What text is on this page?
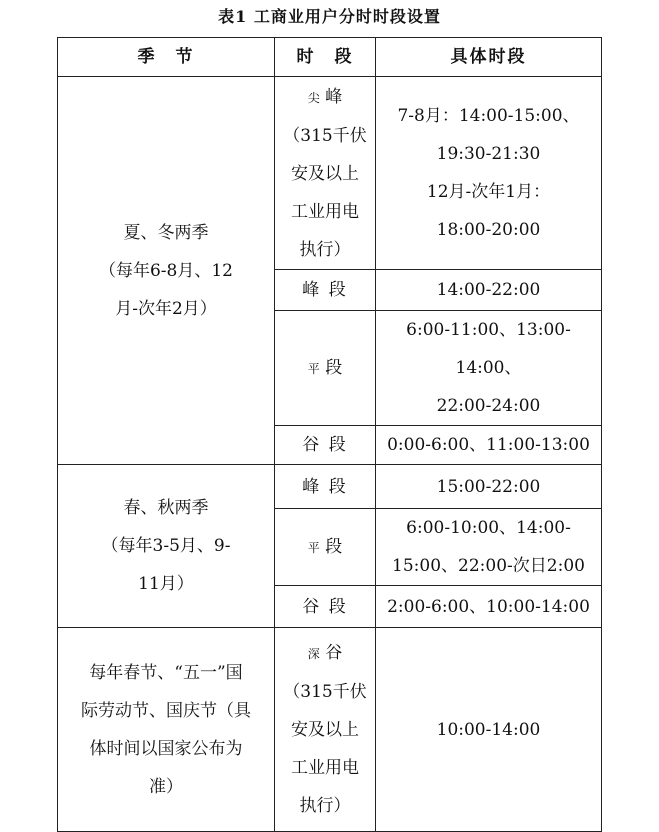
表1 工商业用户分时时段设置
季　节	时　段	具体时段

夏、冬两季
（每年6-8月、12
月-次年2月）	尖 峰
（315千伏
安及以上
工业用电
执行）	7-8月：14:00-15:00、
19:30-21:30
12月-次年1月：
18:00-20:00

	峰 段	14:00-22:00

	平 段	6:00-11:00、13:00-14:00、
22:00-24:00

	谷 段	0:00-6:00、11:00-13:00

春、秋两季
（每年3-5月、9-
11月）	峰 段	15:00-22:00

	平 段	6:00-10:00、14:00-
15:00、22:00-次日2:00

	谷 段	2:00-6:00、10:00-14:00

每年春节、“五一”国
际劳动节、国庆节（具
体时间以国家公布为
准）	深 谷
（315千伏
安及以上
工业用电
执行）	10:00-14:00
